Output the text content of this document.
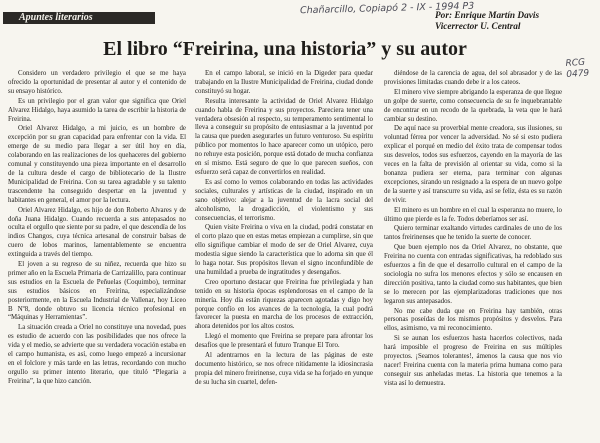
Apuntes literarios
Chañarcillo, Copiapó 2 - IX - 1994 P3
Por: Enrique Martín Davis
Vicerrector U. Central
RCG 0479
El libro “Freirina, una historia” y su autor

Considero un verdadero privilegio el que se me haya ofrecido la oportunidad de presentar al autor y el contenido de su ensayo histórico.

Es un privilegio por el gran valor que significa que Oriel Alvarez Hidalgo, haya asumido la tarea de escribir la historia de Freirina.

Oriel Alvarez Hidalgo, a mi juicio, es un hombre de excepción por su gran capacidad para enfrentar con la vida. El emerge de su medio para llegar a ser útil hoy en día, colaborando en las realizaciones de los quehaceres del gobierno comunal y constituyendo una pieza importante en el desarrollo de la cultura desde el cargo de bibliotecario de la Ilustre Municipalidad de Freirina. Con su tarea agradable y su talento trascendente ha conseguido despertar en la juventud y habitantes en general, el amor por la lectura.

Oriel Alvarez Hidalgo, es hijo de don Roberto Alvares y de doña Juana Hidalgo. Cuando recuerda a sus antepasados no oculta el orgullo que siente por su padre, el que descendía de los indios Changos, cuya técnica artesanal de construir balsas de cuero de lobos marinos, lamentablemente se encuentra extinguida a través del tiempo.

El joven a su regreso de su niñez, recuerda que hizo su primer año en la Escuela Primaria de Carrizalillo, para continuar sus estudios en la Escuela de Peñuelas (Coquimbo), terminar sus estudios básicos en Freirina, especializándose posteriormente, en la Escuela Industrial de Vallenar, hoy Liceo B Nº8, donde obtuvo su licencia técnico profesional en “Máquinas y Herramientas”.

La situación creada a Oriel no constituye una novedad, pues es estudio de acuerdo con las posibilidades que nos ofrece la vida y el medio, se advierte que su verdadera vocación estaba en el campo humanista, es así, como luego empezó a incursionar en el folclore y más tarde en las letras, recordando con mucho orgullo su primer intento literario, que tituló “Plegaria a Freirina”, la que hizo canción.

En el campo laboral, se inició en la Digeder para quedar trabajando en la Ilustre Municipalidad de Freirina, ciudad donde constituyó su hogar.

Resulta interesante la actividad de Oriel Alvarez Hidalgo cuando habla de Freirina y sus proyectos. Pareciera tener una verdadera obsesión al respecto, su temperamento sentimental lo lleva a conseguir su propósito de entusiasmar a la juventud por la causa que pueden asegurarles un futuro venturoso. Su espíritu público por momentos lo hace aparecer como un utópico, pero no rehuye esta posición, porque está dotado de mucha confianza en sí mismo. Está seguro de que lo que parecen sueños, con esfuerzo será capaz de convertirlos en realidad.

Es así como lo vemos colaborando en todas las actividades sociales, culturales y artísticas de la ciudad, inspirado en un sano objetivo: alejar a la juventud de la lacra social del alcoholismo, la drogadicción, el violentismo y sus consecuencias, el terrorismo.

Quien visite Freirina o viva en la ciudad, podrá constatar en el corto plazo que en estas metas empiezan a cumplirse, sin que ello signifique cambiar el modo de ser de Oriel Alvarez, cuya modestia sigue siendo la característica que lo adorna sin que él lo haga notar. Sus propósitos llevan el signo inconfundible de una humildad a prueba de ingratitudes y desengaños.

Creo oportuno destacar que Freirina fue privilegiada y han tenido en su historia épocas esplendorosas en el campo de la minería. Hoy día están riquezas aparecen agotadas y digo hoy porque confío en los avances de la tecnología, la cual podrá favorecer la puesta en marcha de los procesos de extracción, ahora detenidos por los altos costos.

Llegó el momento que Freirina se prepare para afrontar los desafíos que le presentará el futuro Tranque El Toro.

Al adentrarnos en la lectura de las páginas de este documento histórico, se nos ofrece nítidamente la idiosincrasia propia del minero freirinense, cuya vida se ha forjado en yunque de su lucha sin cuartel, defen-

diéndose de la carencia de agua, del sol abrasador y de las provisiones limitadas cuando debe ir a los cateos.

El minero vive siempre abrigando la esperanza de que llegue un golpe de suerte, como consecuencia de su fe inquebrantable de encontrar en un recodo de la quebrada, la veta que le hará cambiar su destino.

De aquí nace su proverbial mente creadora, sus ilusiones, su voluntad férrea por vencer la adversidad. No sé si esto pudiera explicar el porqué en medio del éxito trata de compensar todos sus desvelos, todos sus esfuerzos, cayendo en la mayoría de las veces en la falta de previsión al orientar su vida, como si la bonanza pudiera ser eterna, para terminar con algunas excepciones, sirando un resignado a la espera de un nuevo golpe de la suerte y así transcurre su vida, así se feliz, ésta es su razón de vivir.

El minero es un hombre en el cual la esperanza no muere, lo último que pierde es la fe. Todos deberíamos ser así.

Quiero terminar exaltando virtudes cardinales de uno de los tantos freirinenses que he tenido la suerte de conocer.

Que buen ejemplo nos da Oriel Alvarez, no obstante, que Freirina no cuenta con entradas significativas, ha redoblado sus esfuerzos a fin de que el desarrollo cultural en el campo de la sociología no sufra los menores efectos y sólo se encausen en dirección positiva, tanto la ciudad como sus habitantes, que bien se lo merecen por las ejemplarizadoras tradiciones que nos legaron sus antepasados.

No me cabe duda que en Freirina hay también, otras personas poseídas de los mismos propósitos y desvelos. Para ellos, asimismo, va mi reconocimiento.

Si se aunan los esfuerzos hasta hacerlos colectivos, nada hará imposible el progreso de Freirina en sus múltiples proyectos. ¡Seamos tolerantes!, ámenos la causa que nos vio nacer! Freirina cuenta con la materia prima humana como para conseguir sus anheladas metas. La historia que tenemos a la vista así lo demuestra.
